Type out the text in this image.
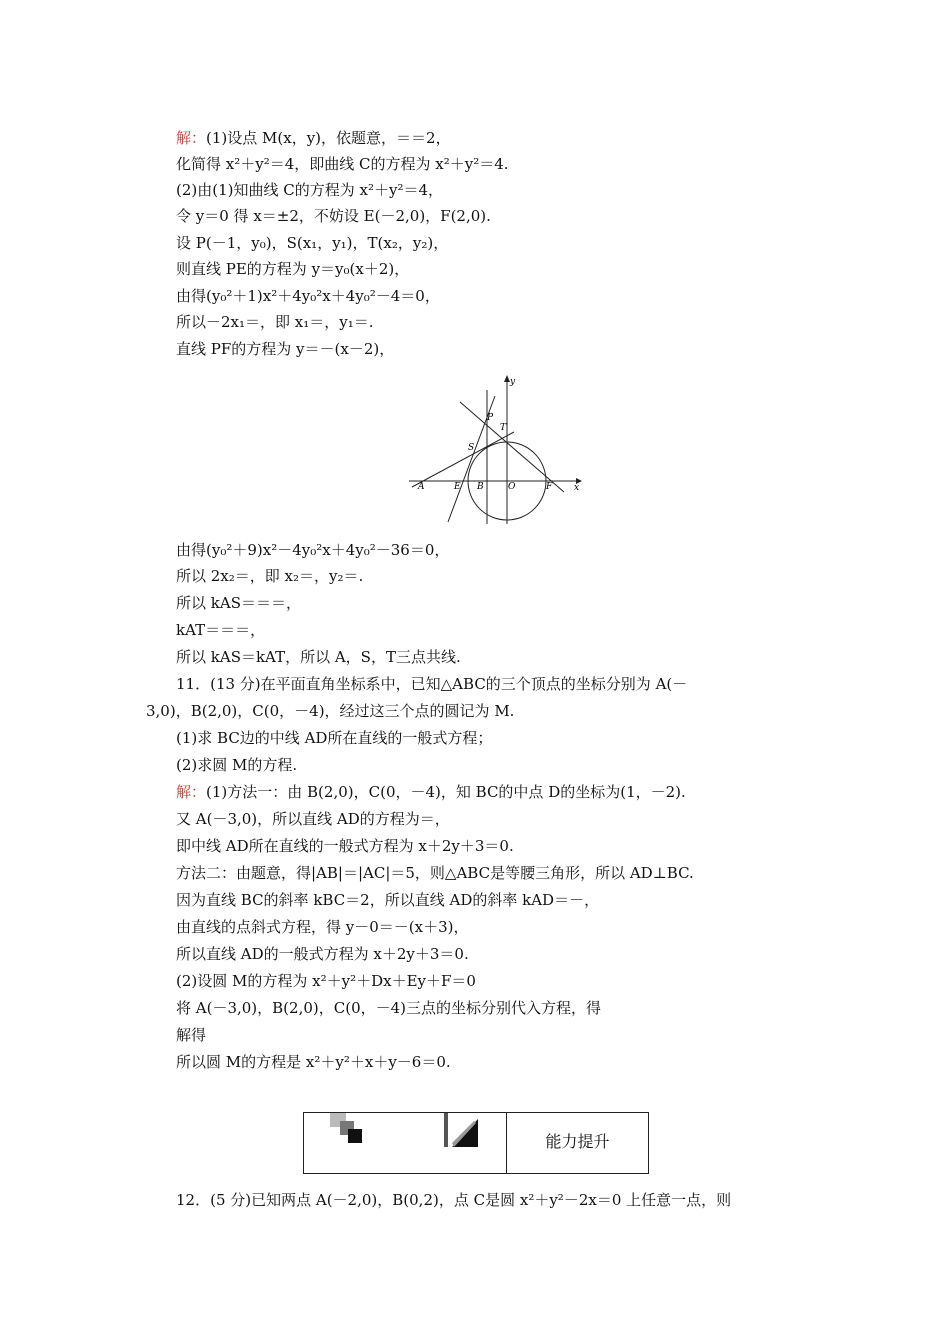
解：(1)设点 M(x，y)，依题意，＝＝2，
化简得 x²＋y²＝4，即曲线 C的方程为 x²＋y²＝4.
(2)由(1)知曲线 C的方程为 x²＋y²＝4，
令 y＝0 得 x＝±2，不妨设 E(－2,0)，F(2,0).
设 P(－1，y₀)，S(x₁，y₁)，T(x₂，y₂)，
则直线 PE的方程为 y＝y₀(x＋2)，
由得(y₀²＋1)x²＋4y₀²x＋4y₀²－4＝0，
所以－2x₁＝，即 x₁＝，y₁＝.
直线 PF的方程为 y＝－(x－2)，
由得(y₀²＋9)x²－4y₀²x＋4y₀²－36＝0，
所以 2x₂＝，即 x₂＝，y₂＝.
所以 kAS＝＝＝，
kAT＝＝＝，
所以 kAS＝kAT，所以 A，S，T三点共线.
11．(13 分)在平面直角坐标系中，已知△ABC的三个顶点的坐标分别为 A(－
3,0)，B(2,0)，C(0，－4)，经过这三个点的圆记为 M.
(1)求 BC边的中线 AD所在直线的一般式方程；
(2)求圆 M的方程.
解：(1)方法一：由 B(2,0)，C(0，－4)，知 BC的中点 D的坐标为(1，－2).
又 A(－3,0)，所以直线 AD的方程为＝，
即中线 AD所在直线的一般式方程为 x＋2y＋3＝0.
方法二：由题意，得|AB|＝|AC|＝5，则△ABC是等腰三角形，所以 AD⊥BC.
因为直线 BC的斜率 kBC＝2，所以直线 AD的斜率 kAD＝－，
由直线的点斜式方程，得 y－0＝－(x＋3)，
所以直线 AD的一般式方程为 x＋2y＋3＝0.
(2)设圆 M的方程为 x²＋y²＋Dx＋Ey＋F＝0
将 A(－3,0)，B(2,0)，C(0，－4)三点的坐标分别代入方程，得
解得
所以圆 M的方程是 x²＋y²＋x＋y－6＝0.
12．(5 分)已知两点 A(－2,0)，B(0,2)，点 C是圆 x²＋y²－2x＝0 上任意一点，则
y
x
P
T
S
A	E B	O	F
能力提升
